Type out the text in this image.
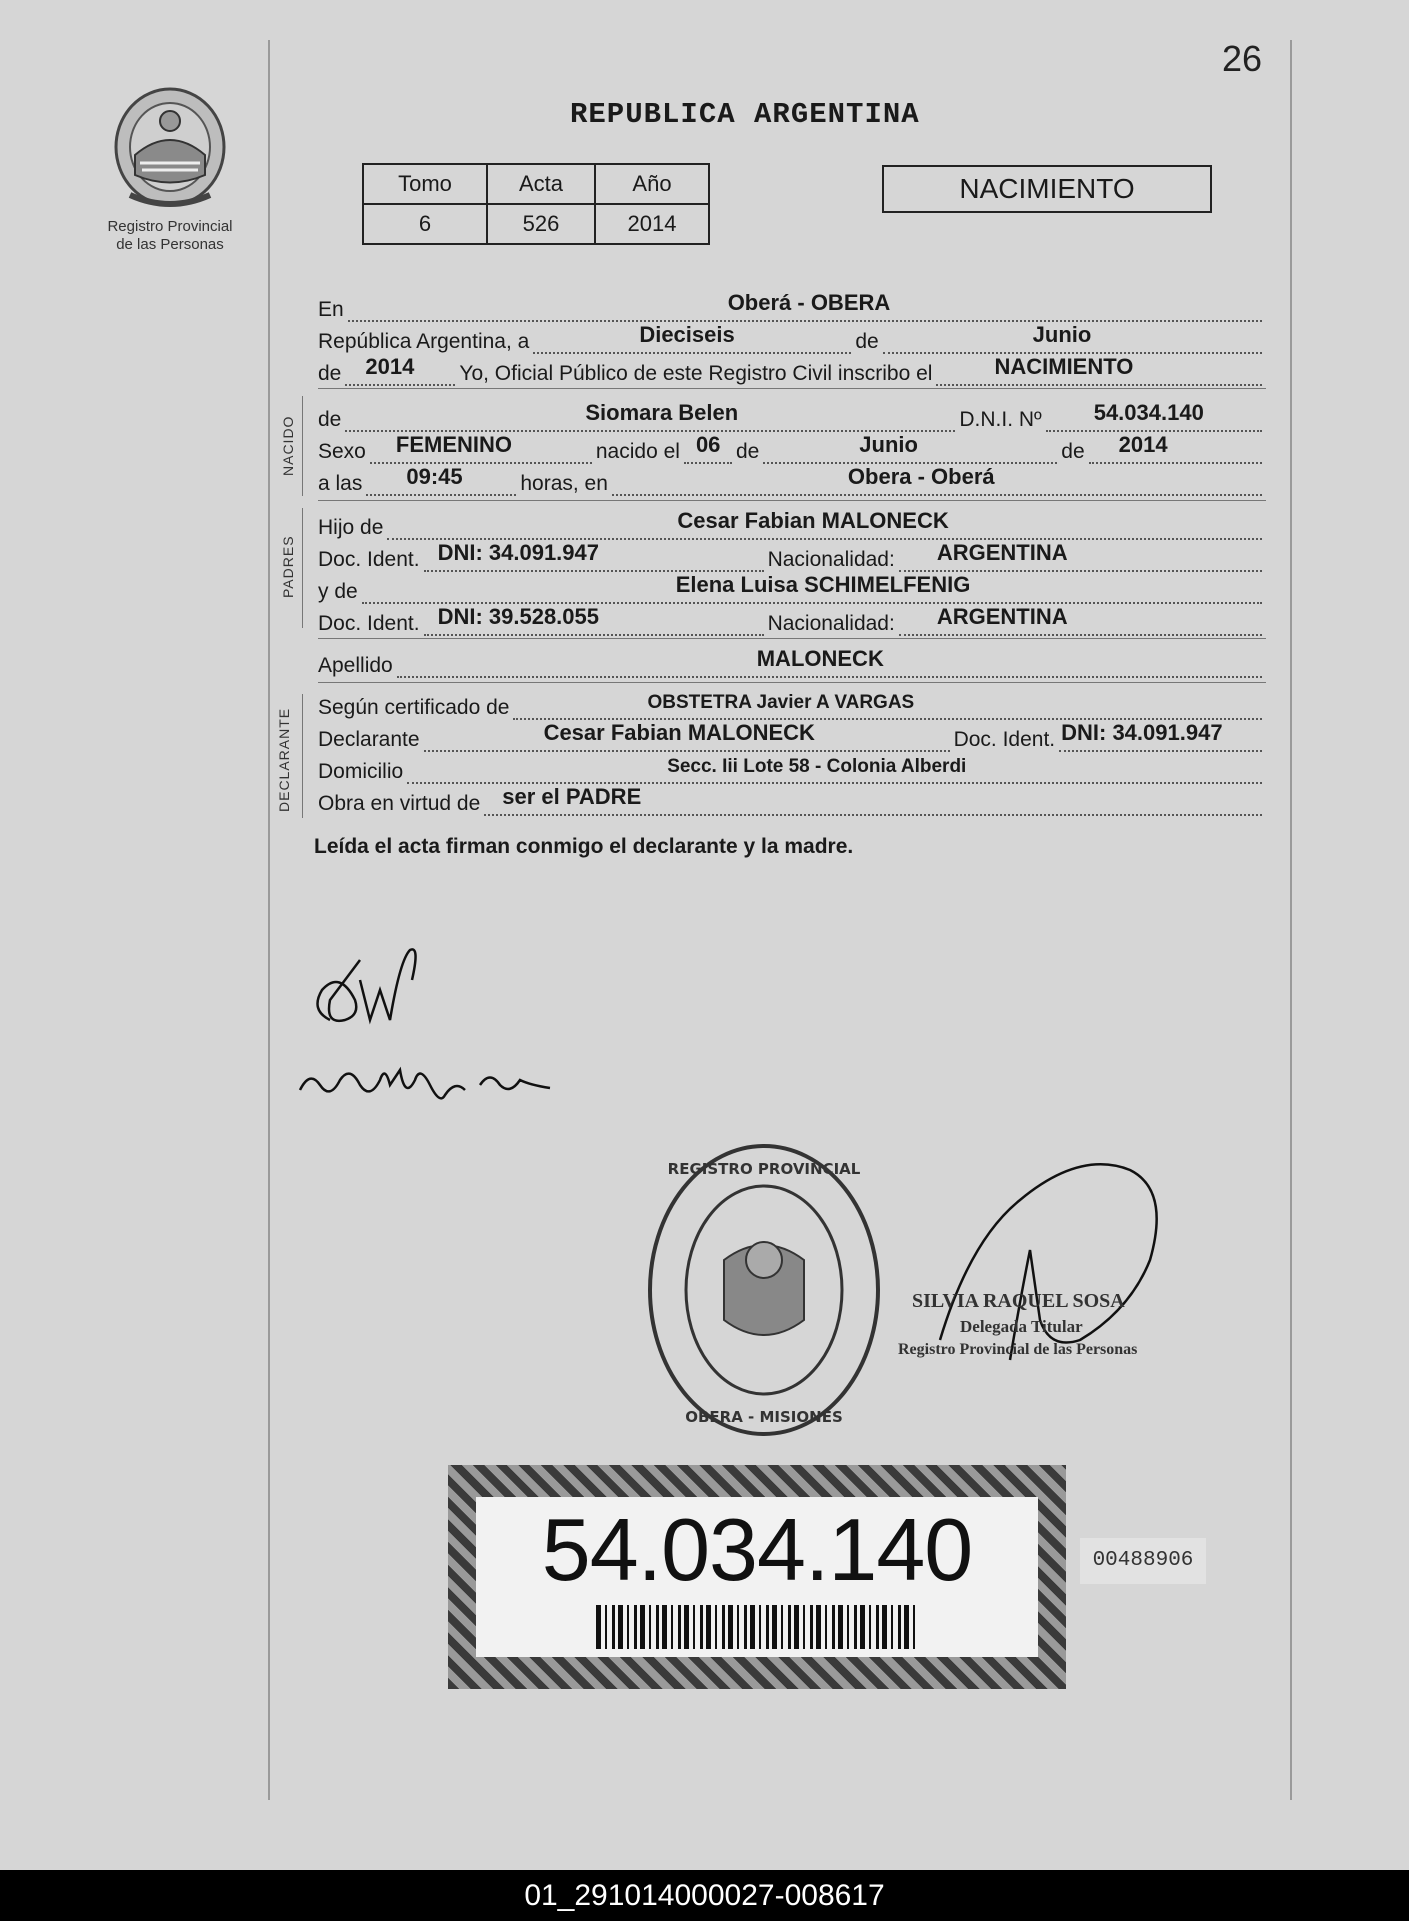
26
Registro Provincial
de las Personas
REPUBLICA ARGENTINA
Tomo	Acta	Año
6	526	2014
NACIMIENTO
En	Oberá - OBERA
República Argentina, a	Dieciseis	de	Junio
de 2014 Yo, Oficial Público de este Registro Civil inscribo el	NACIMIENTO
NACIDO de	Siomara Belen	D.N.I. Nº 54.034.140
Sexo FEMENINO	nacido el 06 de	Junio	de 2014
a las 09:45	horas, en	Obera - Oberá
PADRES
Hijo de	Cesar Fabian MALONECK
Doc. Ident. DNI: 34.091.947	Nacionalidad: ARGENTINA
y de	Elena Luisa SCHIMELFENIG
Doc. Ident. DNI: 39.528.055	Nacionalidad: ARGENTINA
Apellido	MALONECK
DECLARANTE
Según certificado de	OBSTETRA Javier A VARGAS
Declarante	Cesar Fabian MALONECK	Doc. Ident. DNI: 34.091.947
Domicilio	Secc. Iii Lote 58 - Colonia Alberdi
Obra en virtud de ser el PADRE
Leída el acta firman conmigo el declarante y la madre.
REGISTRO PROVINCIAL
OBERA - MISIONES
SILVIA RAQUEL SOSA
Delegada Titular
Registro Provincial de las Personas
54.034.140	00488906
01_291014000027-008617
